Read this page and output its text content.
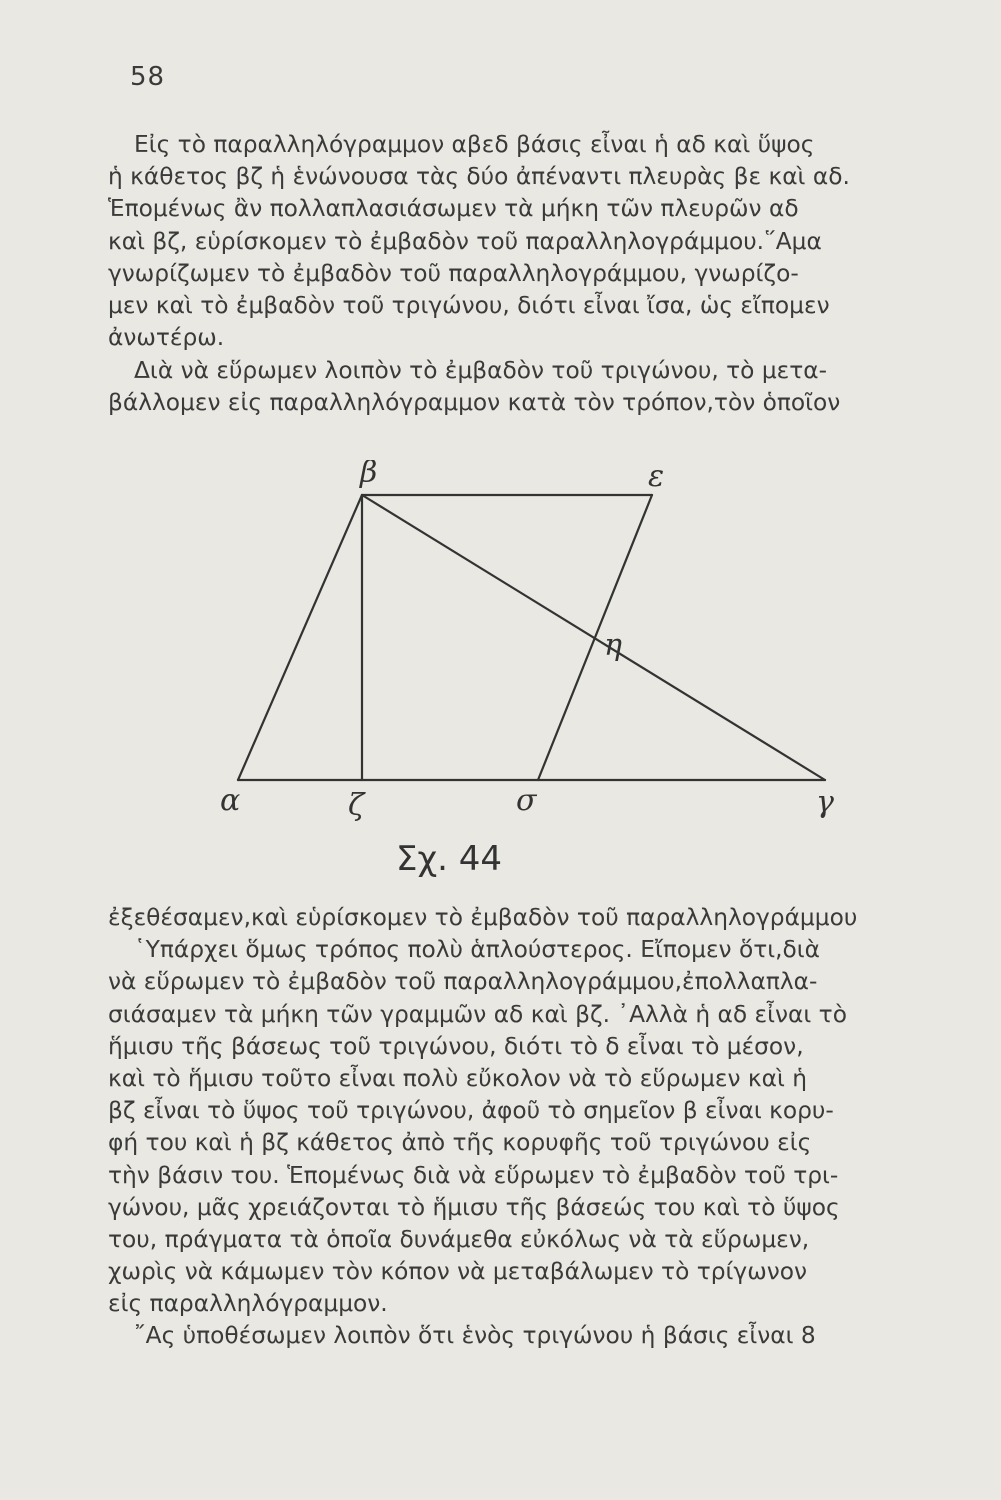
58
Εἰς τὸ παραλληλόγραμμον αβεδ βάσις εἶναι ἡ αδ καὶ ὕψος
ἡ κάθετος βζ ἡ ἑνώνουσα τὰς δύο ἀπέναντι πλευρὰς βε καὶ αδ.
Ἑπομένως ἂν πολλαπλασιάσωμεν τὰ μήκη τῶν πλευρῶν αδ
καὶ βζ, εὑρίσκομεν τὸ ἐμβαδὸν τοῦ παραλληλογράμμου.῞Αμα
γνωρίζωμεν τὸ ἐμβαδὸν τοῦ παραλληλογράμμου, γνωρίζο-
μεν καὶ τὸ ἐμβαδὸν τοῦ τριγώνου, διότι εἶναι ἴσα, ὡς εἴπομεν
ἀνωτέρω.
Διὰ νὰ εὕρωμεν λοιπὸν τὸ ἐμβαδὸν τοῦ τριγώνου, τὸ μετα-
βάλλομεν εἰς παραλληλόγραμμον κατὰ τὸν τρόπον,τὸν ὁποῖον
β	ε
η
α	ζ	σ	γ
Σχ. 44
ἐξεθέσαμεν,καὶ εὑρίσκομεν τὸ ἐμβαδὸν τοῦ παραλληλογράμμου
῾Υπάρχει ὅμως τρόπος πολὺ ἁπλούστερος. Εἴπομεν ὅτι,διὰ
νὰ εὕρωμεν τὸ ἐμβαδὸν τοῦ παραλληλογράμμου,ἐπολλαπλα-
σιάσαμεν τὰ μήκη τῶν γραμμῶν αδ καὶ βζ. ᾿Αλλὰ ἡ αδ εἶναι τὸ
ἥμισυ τῆς βάσεως τοῦ τριγώνου, διότι τὸ δ εἶναι τὸ μέσον,
καὶ τὸ ἥμισυ τοῦτο εἶναι πολὺ εὔκολον νὰ τὸ εὕρωμεν καὶ ἡ
βζ εἶναι τὸ ὕψος τοῦ τριγώνου, ἀφοῦ τὸ σημεῖον β εἶναι κορυ-
φή του καὶ ἡ βζ κάθετος ἀπὸ τῆς κορυφῆς τοῦ τριγώνου εἰς
τὴν βάσιν του. Ἑπομένως διὰ νὰ εὕρωμεν τὸ ἐμβαδὸν τοῦ τρι-
γώνου, μᾶς χρειάζονται τὸ ἥμισυ τῆς βάσεώς του καὶ τὸ ὕψος
του, πράγματα τὰ ὁποῖα δυνάμεθα εὐκόλως νὰ τὰ εὕρωμεν,
χωρὶς νὰ κάμωμεν τὸν κόπον νὰ μεταβάλωμεν τὸ τρίγωνον
εἰς παραλληλόγραμμον.
῎Ας ὑποθέσωμεν λοιπὸν ὅτι ἑνὸς τριγώνου ἡ βάσις εἶναι 8
